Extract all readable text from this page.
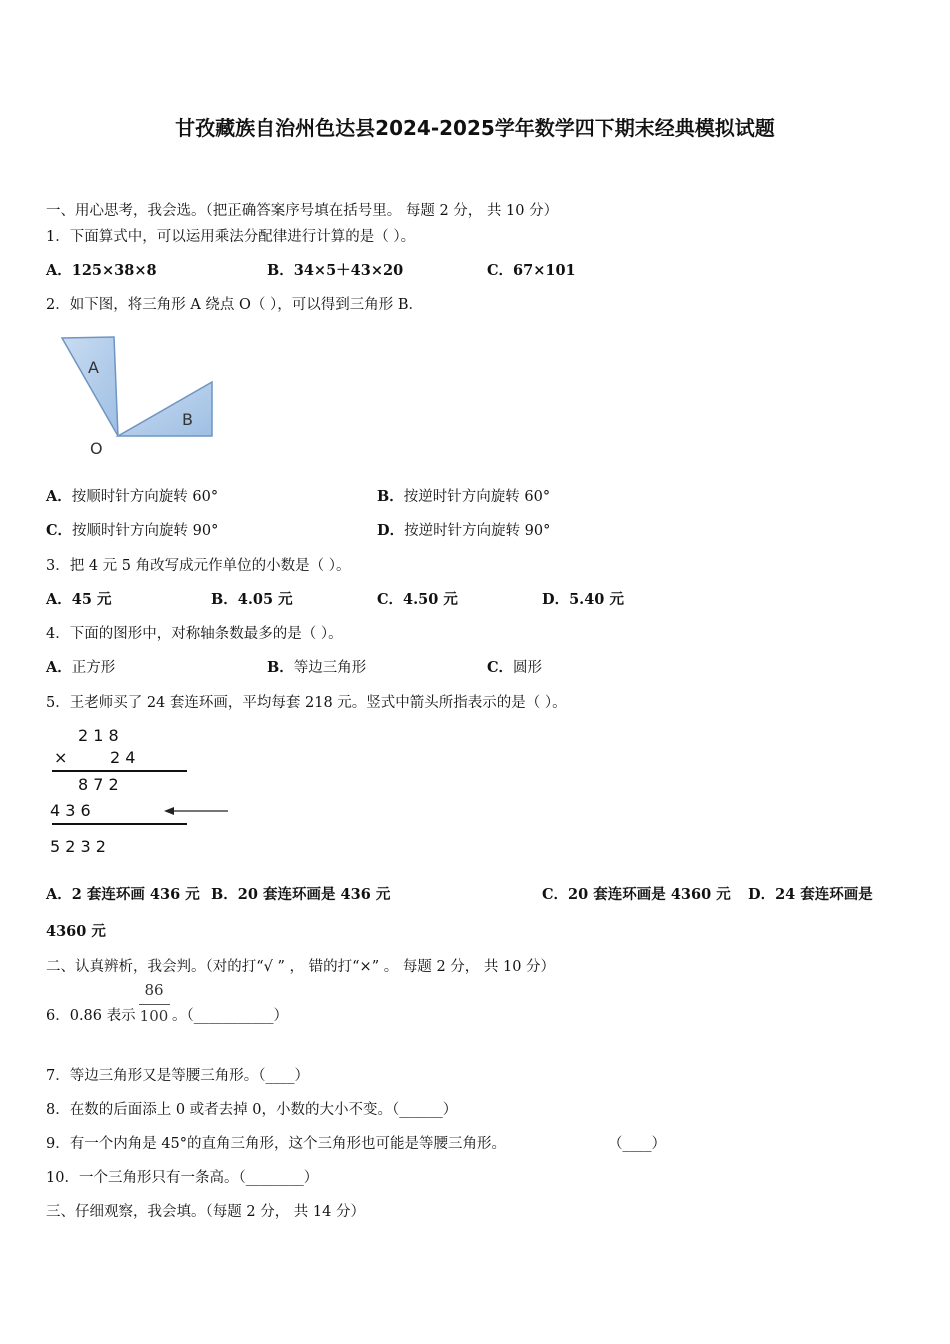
甘孜藏族自治州色达县2024-2025学年数学四下期末经典模拟试题
一、用心思考，我会选。（把正确答案序号填在括号里。 每题 2 分， 共 10 分）
1．下面算式中，可以运用乘法分配律进行计算的是（ ）。
A．125×38×8	B．34×5＋43×20	C．67×101
2．如下图，将三角形 A 绕点 O（ ），可以得到三角形 B．
A
B
O
A．按顺时针方向旋转 60°	B．按逆时针方向旋转 60°
C．按顺时针方向旋转 90°	D．按逆时针方向旋转 90°
3．把 4 元 5 角改写成元作单位的小数是（ ）。
A．45 元	B．4.05 元	C．4.50 元	D．5.40 元
4．下面的图形中，对称轴条数最多的是（ ）。
A．正方形	B．等边三角形	C．圆形
5．王老师买了 24 套连环画，平均每套 218 元。竖式中箭头所指表示的是（ ）。
2 1 8
×	2 4
8 7 2
4 3 6
5 2 3 2
A．2 套连环画 436 元 B．20 套连环画是 436 元	C．20 套连环画是 4360 元 D．24 套连环画是
4360 元
二、认真辨析，我会判。（对的打“√ ” ， 错的打“×” 。 每题 2 分， 共 10 分）
6．0.86 表示
86
100 。（___________）
7．等边三角形又是等腰三角形。（____）
8．在数的后面添上 0 或者去掉 0，小数的大小不变。（______）
9．有一个内角是 45°的直角三角形，这个三角形也可能是等腰三角形。	（____）
10．一个三角形只有一条高。（________）
三、仔细观察，我会填。（每题 2 分， 共 14 分）
